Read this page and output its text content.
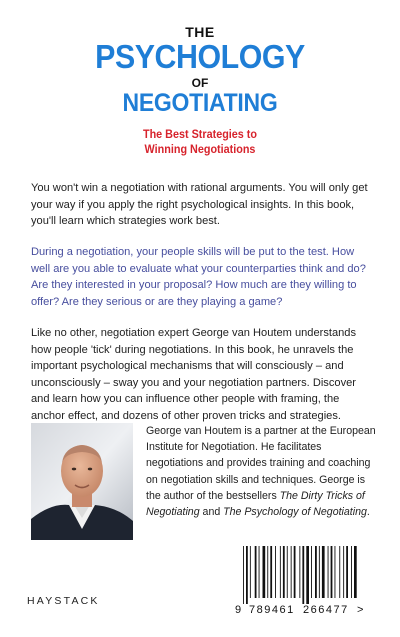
THE
PSYCHOLOGY
OF
NEGOTIATING
The Best Strategies to
Winning Negotiations

You won't win a negotiation with rational arguments. You will only get your way if you apply the right psychological insights. In this book, you'll learn which strategies work best.

During a negotiation, your people skills will be put to the test. How well are you able to evaluate what your counterparties think and do? Are they interested in your proposal? How much are they willing to offer? Are they serious or are they playing a game?

Like no other, negotiation expert George van Houtem understands how people 'tick' during negotiations. In this book, he unravels the important psychological mechanisms that will consciously – and unconsciously – sway you and your negotiation partners. Discover and learn how you can influence other people with framing, the anchor effect, and dozens of other proven tricks and strategies.

George van Houtem is a partner at the European Institute for Negotiation. He facilitates negotiations and provides training and coaching on negotiation skills and techniques. George is the author of the bestsellers The Dirty Tricks of Negotiating and The Psychology of Negotiating.

HAYSTACK
9 789461 266477 >
